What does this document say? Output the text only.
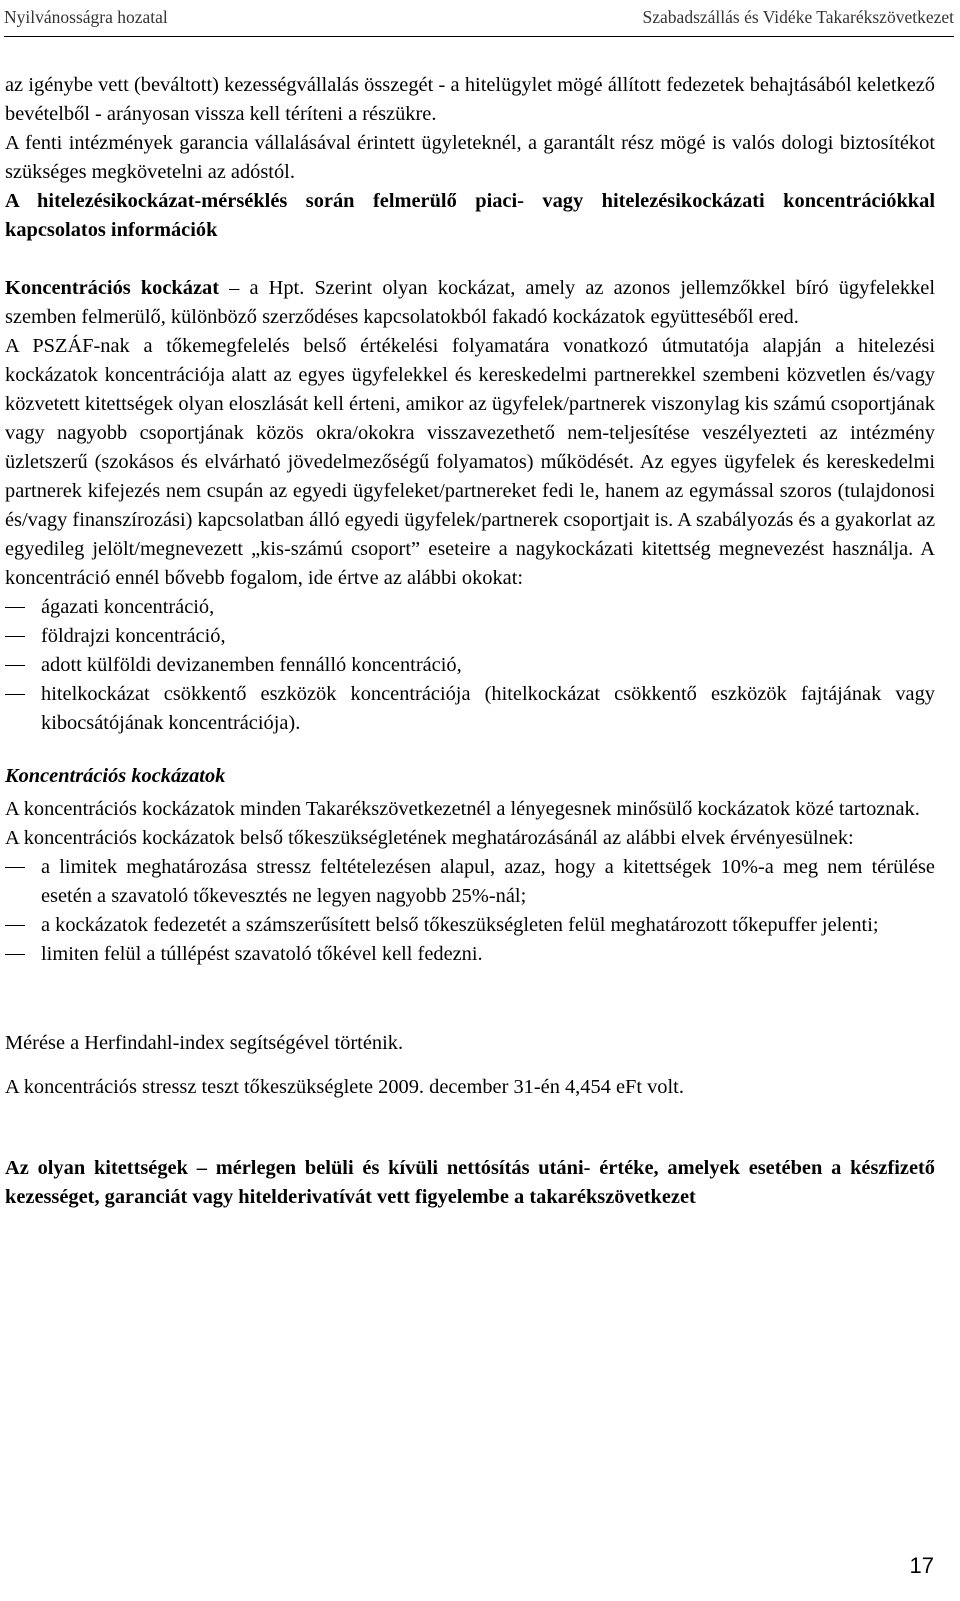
Nyilvánosságra hozatal	Szabadszállás és Vidéke Takarékszövetkezet

az igénybe vett (beváltott) kezességvállalás összegét - a hitelügylet mögé állított fedezetek behajtásából keletkező bevételből - arányosan vissza kell téríteni a részükre.

A fenti intézmények garancia vállalásával érintett ügyleteknél, a garantált rész mögé is valós dologi biztosítékot szükséges megkövetelni az adóstól.

A hitelezésikockázat-mérséklés során felmerülő piaci- vagy hitelezésikockázati koncentrációkkal kapcsolatos információk

Koncentrációs kockázat – a Hpt. Szerint olyan kockázat, amely az azonos jellemzőkkel bíró ügyfelekkel szemben felmerülő, különböző szerződéses kapcsolatokból fakadó kockázatok együtteséből ered.

A PSZÁF-nak a tőkemegfelelés belső értékelési folyamatára vonatkozó útmutatója alapján a hitelezési kockázatok koncentrációja alatt az egyes ügyfelekkel és kereskedelmi partnerekkel szembeni közvetlen és/vagy közvetett kitettségek olyan eloszlását kell érteni, amikor az ügyfelek/partnerek viszonylag kis számú csoportjának vagy nagyobb csoportjának közös okra/okokra visszavezethető nem-teljesítése veszélyezteti az intézmény üzletszerű (szokásos és elvárható jövedelmezőségű folyamatos) működését. Az egyes ügyfelek és kereskedelmi partnerek kifejezés nem csupán az egyedi ügyfeleket/partnereket fedi le, hanem az egymással szoros (tulajdonosi és/vagy finanszírozási) kapcsolatban álló egyedi ügyfelek/partnerek csoportjait is. A szabályozás és a gyakorlat az egyedileg jelölt/megnevezett „kis-számú csoport” eseteire a nagykockázati kitettség megnevezést használja. A koncentráció ennél bővebb fogalom, ide értve az alábbi okokat:

ágazati koncentráció,
földrajzi koncentráció,
adott külföldi devizanemben fennálló koncentráció,
hitelkockázat csökkentő eszközök koncentrációja (hitelkockázat csökkentő eszközök fajtájának vagy kibocsátójának koncentrációja).

Koncentrációs kockázatok

A koncentrációs kockázatok minden Takarékszövetkezetnél a lényegesnek minősülő kockázatok közé tartoznak.

A koncentrációs kockázatok belső tőkeszükségletének meghatározásánál az alábbi elvek érvényesülnek:

a limitek meghatározása stressz feltételezésen alapul, azaz, hogy a kitettségek 10%-a meg nem térülése esetén a szavatoló tőkevesztés ne legyen nagyobb 25%-nál;
a kockázatok fedezetét a számszerűsített belső tőkeszükségleten felül meghatározott tőkepuffer jelenti;
limiten felül a túllépést szavatoló tőkével kell fedezni.

Mérése a Herfindahl-index segítségével történik.

A koncentrációs stressz teszt tőkeszükséglete 2009. december 31-én 4,454 eFt volt.

Az olyan kitettségek – mérlegen belüli és kívüli nettósítás utáni- értéke, amelyek esetében a készfizető kezességet, garanciát vagy hitelderivatívát vett figyelembe a takarékszövetkezet

17
